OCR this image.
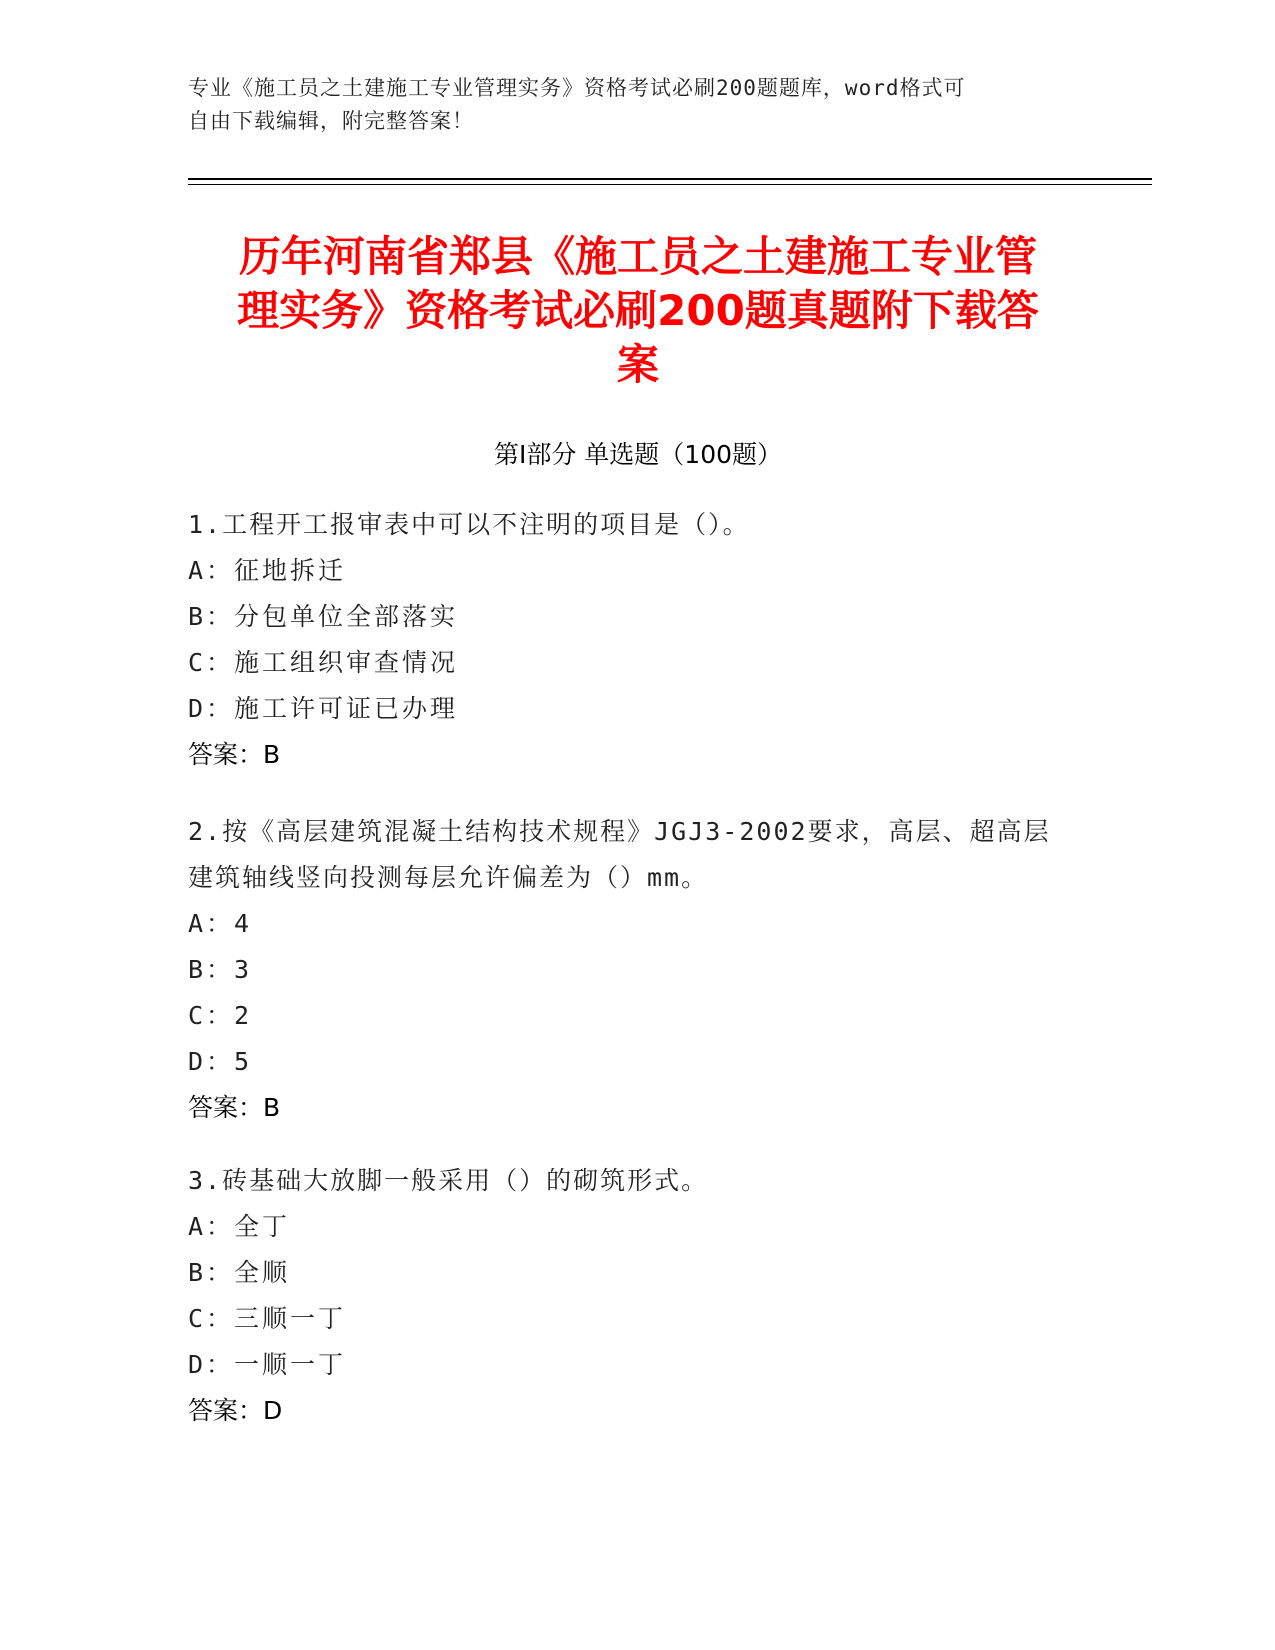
专业《施工员之土建施工专业管理实务》资格考试必刷200题题库，word格式可
自由下载编辑，附完整答案！
历年河南省郑县《施工员之土建施工专业管
理实务》资格考试必刷200题真题附下载答
案
第I部分 单选题（100题）
1.工程开工报审表中可以不注明的项目是（）。
A：征地拆迁
B：分包单位全部落实
C：施工组织审查情况
D：施工许可证已办理
答案：B
2.按《高层建筑混凝土结构技术规程》JGJ3-2002要求，高层、超高层
建筑轴线竖向投测每层允许偏差为（）mm。
A：4
B：3
C：2
D：5
答案：B
3.砖基础大放脚一般采用（）的砌筑形式。
A：全丁
B：全顺
C：三顺一丁
D：一顺一丁
答案：D
